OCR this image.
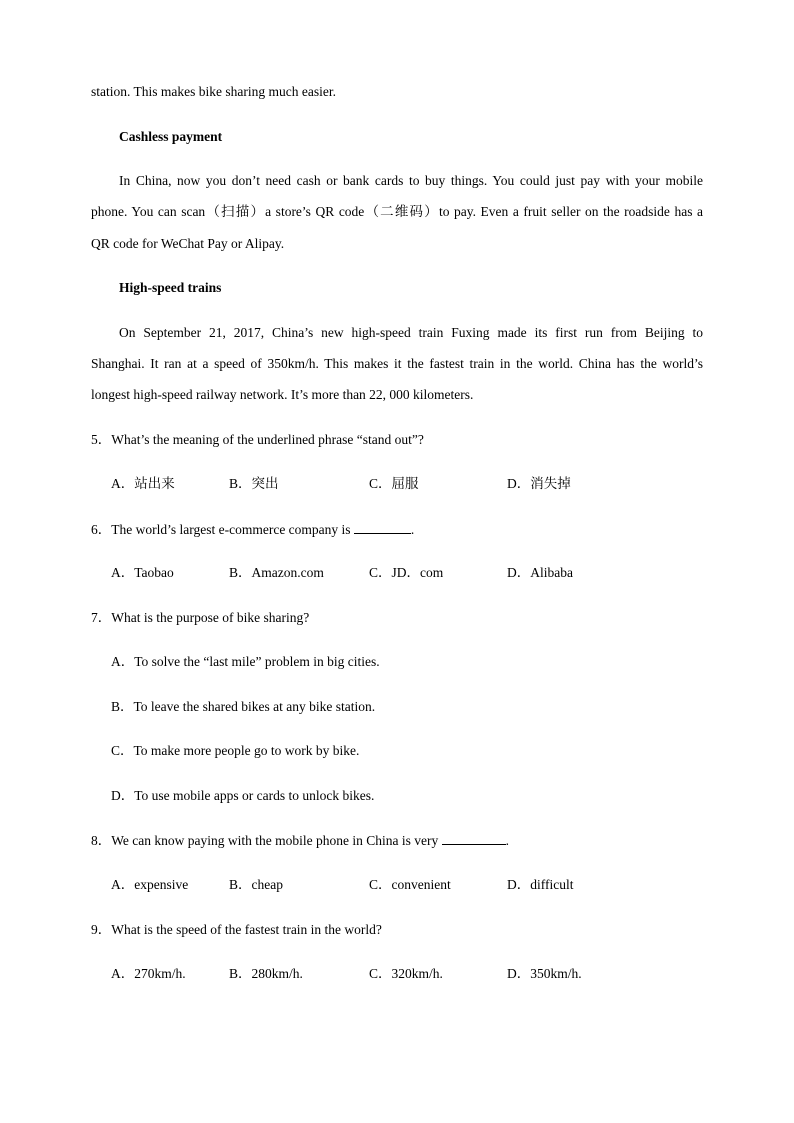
station. This makes bike sharing much easier.
Cashless payment
In China, now you don’t need cash or bank cards to buy things. You could just pay with your mobile
phone. You can scan（扫描）a store’s QR code（二维码）to pay. Even a fruit seller on the roadside has a
QR code for WeChat Pay or Alipay.
High-speed trains
On September 21, 2017, China’s new high-speed train Fuxing made its first run from Beijing to
Shanghai. It ran at a speed of 350km/h. This makes it the fastest train in the world. China has the world’s
longest high-speed railway network. It’s more than 22, 000 kilometers.
5．What’s the meaning of the underlined phrase “stand out”?
A．站出来	B．突出	C．屈服	D．消失掉
6．The world’s largest e-commerce company is	.
A．Taobao	B．Amazon.com	C．JD．com	D．Alibaba
7．What is the purpose of bike sharing?
A．To solve the “last mile” problem in big cities.
B．To leave the shared bikes at any bike station.
C．To make more people go to work by bike.
D．To use mobile apps or cards to unlock bikes.
8．We can know paying with the mobile phone in China is very	.
A．expensive	B．cheap	C．convenient	D．difficult
9．What is the speed of the fastest train in the world?
A．270km/h.	B．280km/h.	C．320km/h.	D．350km/h.
